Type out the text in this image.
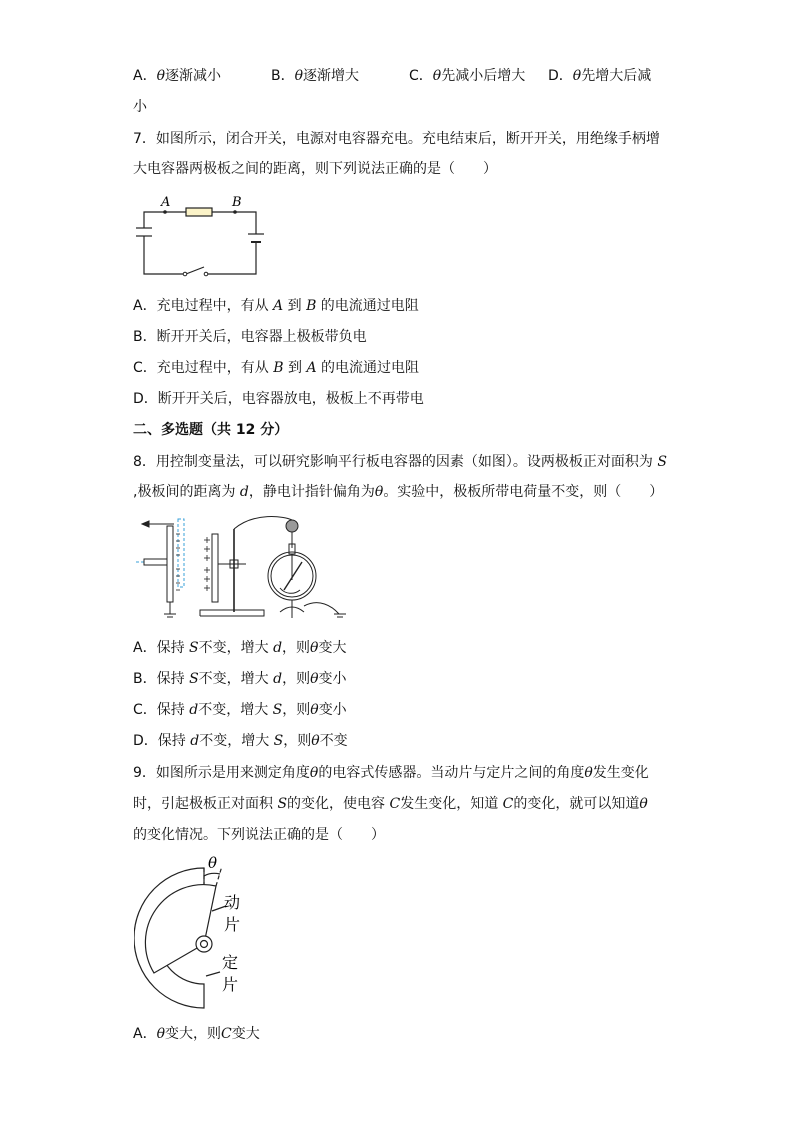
A．θ逐渐减小	B．θ逐渐增大	C．θ先减小后增大 D．θ先增大后减
小
7．如图所示，闭合开关，电源对电容器充电。充电结束后，断开开关，用绝缘手柄增
大电容器两极板之间的距离，则下列说法正确的是（　　）
A	B
A．充电过程中，有从 A 到 B 的电流通过电阻
B．断开开关后，电容器上极板带负电
C．充电过程中，有从 B 到 A 的电流通过电阻
D．断开开关后，电容器放电，极板上不再带电
二、多选题（共 12 分）
8．用控制变量法，可以研究影响平行板电容器的因素（如图）。设两极板正对面积为 S
,极板间的距离为 d，静电计指针偏角为θ。实验中，极板所带电荷量不变，则（　　）
A．保持 S不变，增大 d，则θ变大
B．保持 S不变，增大 d，则θ变小
C．保持 d不变，增大 S，则θ变小
D．保持 d不变，增大 S，则θ不变
9．如图所示是用来测定角度θ的电容式传感器。当动片与定片之间的角度θ发生变化
时，引起极板正对面积 S的变化，使电容 C发生变化，知道 C的变化，就可以知道θ
的变化情况。下列说法正确的是（　　）
θ
动
片
定
片
A．θ变大，则C变大
